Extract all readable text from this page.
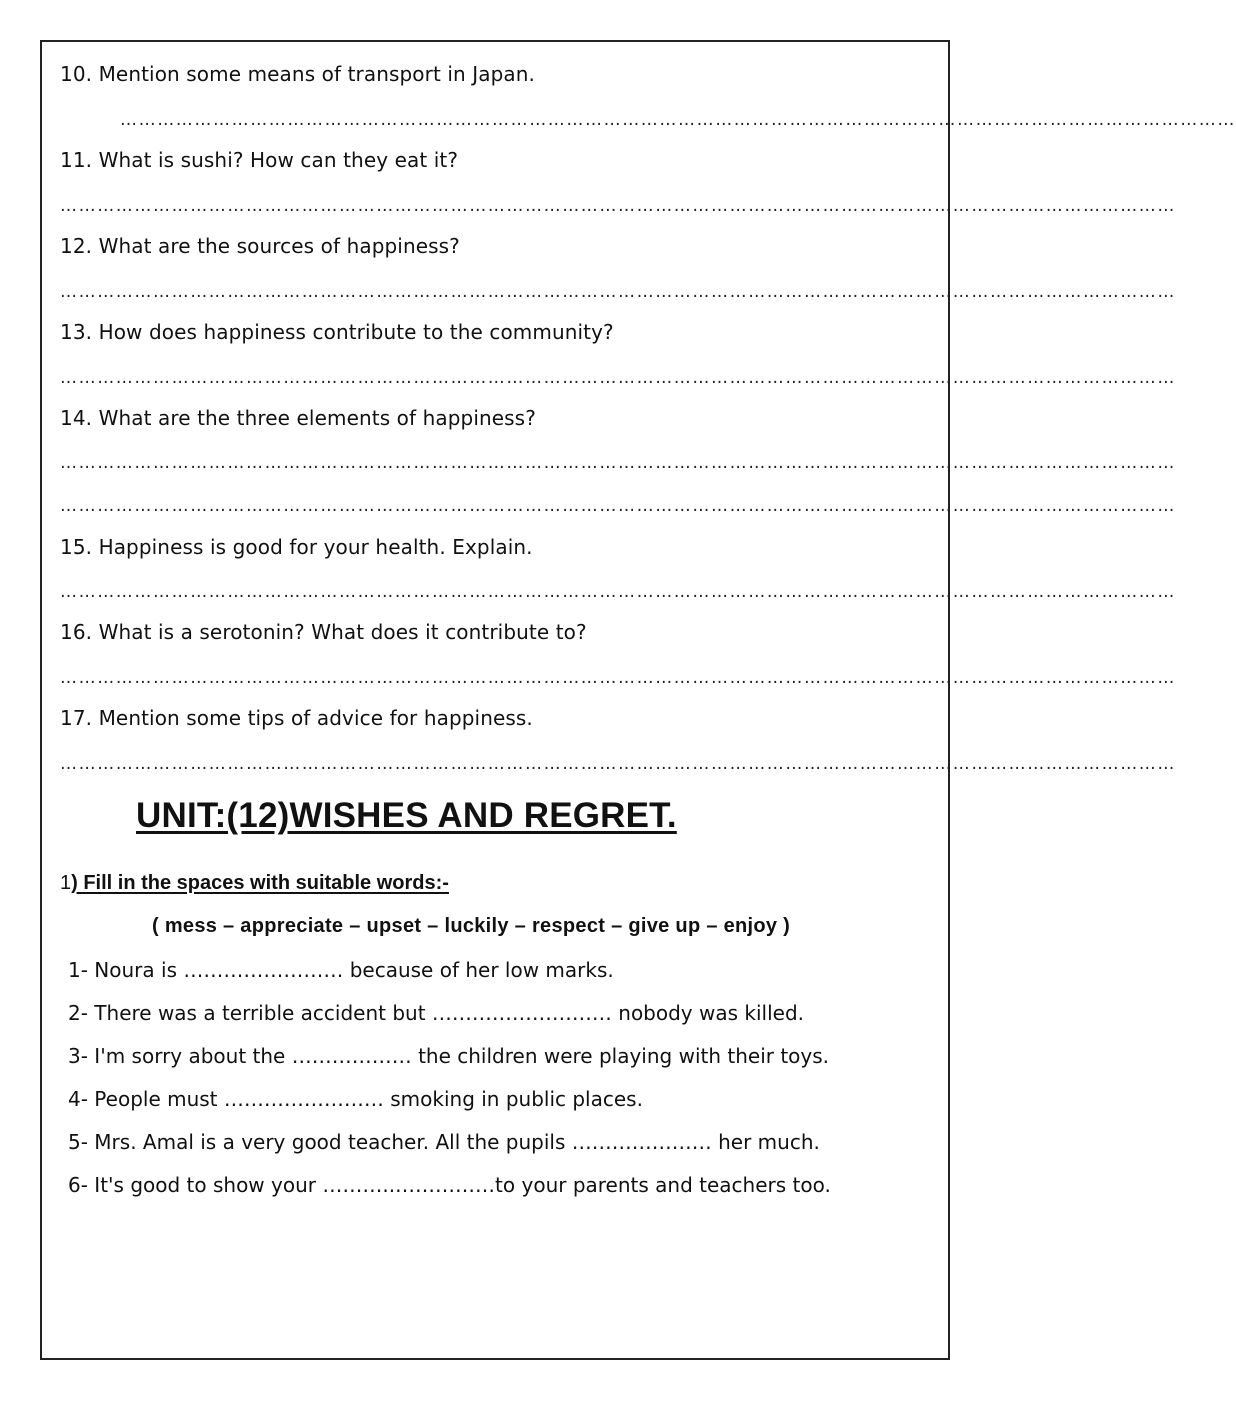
10. Mention some means of transport in Japan.
………………………………………………………………………………………………………………………………………………………………
11. What is sushi? How can they eat it?
………………………………………………………………………………………………………………………………………………………………
12. What are the sources of happiness?
………………………………………………………………………………………………………………………………………………………………
13. How does happiness contribute to the community?
………………………………………………………………………………………………………………………………………………………………
14. What are the three elements of happiness?
………………………………………………………………………………………………………………………………………………………………
………………………………………………………………………………………………………………………………………………………………
15. Happiness is good for your health. Explain.
………………………………………………………………………………………………………………………………………………………………
16. What is a serotonin? What does it contribute to?
………………………………………………………………………………………………………………………………………………………………
17. Mention some tips of advice for happiness.
………………………………………………………………………………………………………………………………………………………………
UNIT:(12)WISHES AND REGRET.
1) Fill in the spaces with suitable words:-
( mess – appreciate – upset – luckily – respect – give up – enjoy )
1- Noura is …………………… because of her low marks.
2- There was a terrible accident but ……………………… nobody was killed.
3- I'm sorry about the ……………… the children were playing with their toys.
4- People must …………………… smoking in public places.
5- Mrs. Amal is a very good teacher. All the pupils ………………… her much.
6- It's good to show your ………..……………to your parents and teachers too.
